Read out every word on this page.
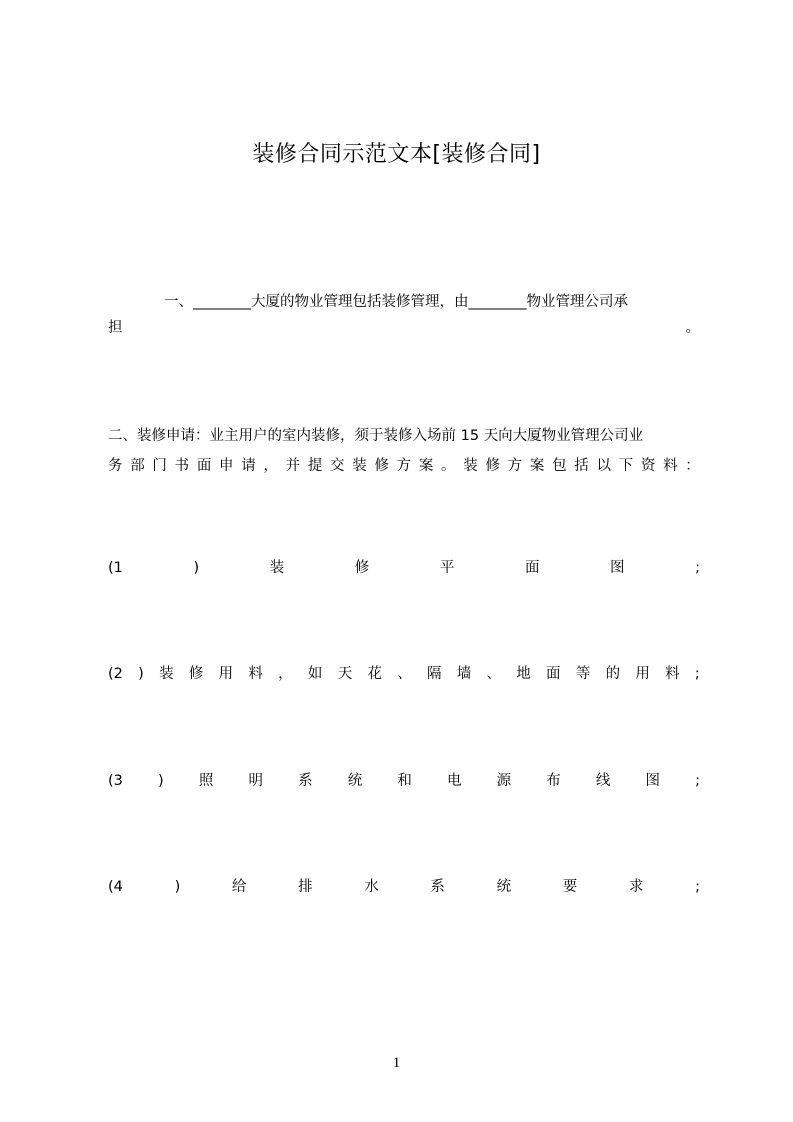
装修合同示范文本[装修合同]
一、________大厦的物业管理包括装修管理，由________物业管理公司承
担	。
二、装修申请：业主用户的室内装修，须于装修入场前 15 天向大厦物业管理公司业
务 部 门 书 面 申 请 ， 并 提 交 装 修 方 案 。 装 修 方 案 包 括 以 下 资 料 ：
(1	)	装	修	平	面	图	;
(2 ) 装 修 用 料 ， 如 天 花 、 隔 墙 、 地 面 等 的 用 料 ;
(3 ) 照 明 系 统 和 电 源 布 线 图 ;
(4	)	给	排	水	系	统	要	求	;
1
